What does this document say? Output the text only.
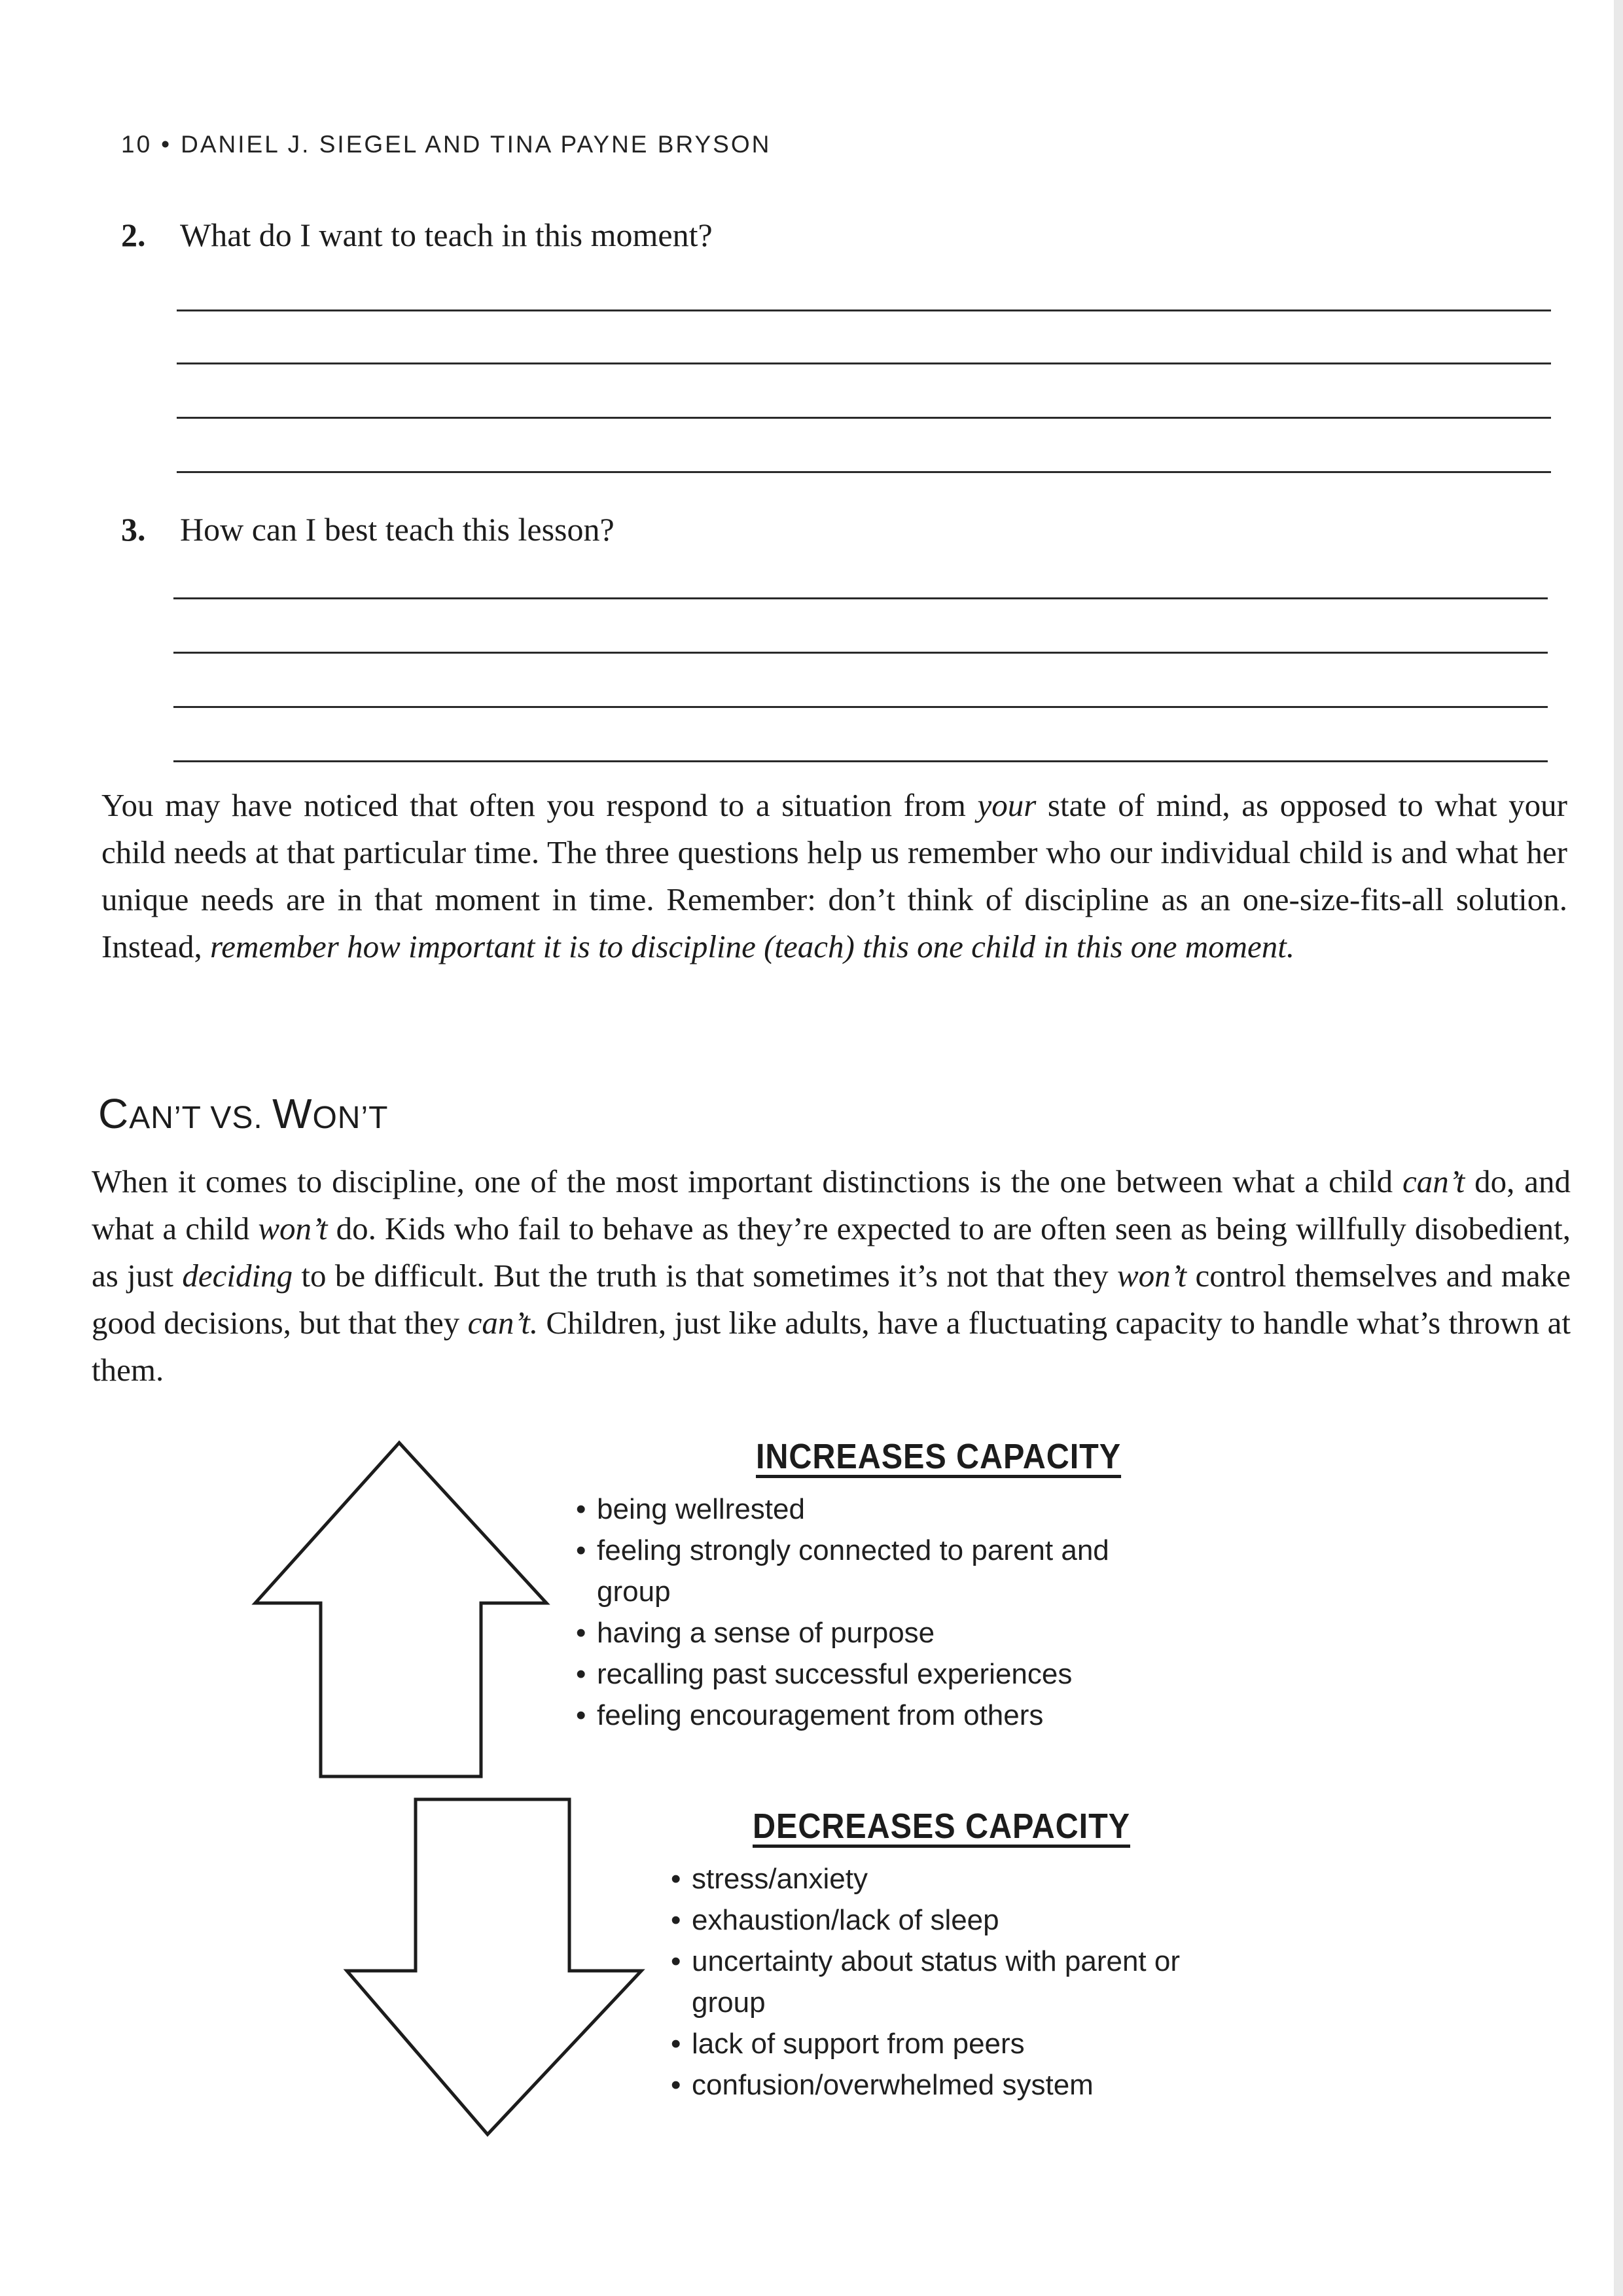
10 • DANIEL J. SIEGEL AND TINA PAYNE BRYSON
2.	What do I want to teach in this moment?
3.	How can I best teach this lesson?

You may have noticed that often you respond to a situation from your state of mind, as opposed to what your child needs at that particular time. The three questions help us remember who our individual child is and what her unique needs are in that moment in time. Remember: don’t think of discipline as an one-size-fits-all solution. Instead, remember how important it is to discipline (teach) this one child in this one moment.

CAN’T VS. WON’T

When it comes to discipline, one of the most important distinctions is the one between what a child can’t do, and what a child won’t do. Kids who fail to behave as they’re expected to are often seen as being willfully disobedient, as just deciding to be difficult. But the truth is that sometimes it’s not that they won’t control themselves and make good decisions, but that they can’t. Children, just like adults, have a fluctuating capacity to handle what’s thrown at them.

INCREASES CAPACITY
• being wellrested
• feeling strongly connected to parent and group
• having a sense of purpose
• recalling past successful experiences
• feeling encouragement from others
DECREASES CAPACITY
• stress/anxiety
• exhaustion/lack of sleep
• uncertainty about status with parent or group
• lack of support from peers
• confusion/overwhelmed system
